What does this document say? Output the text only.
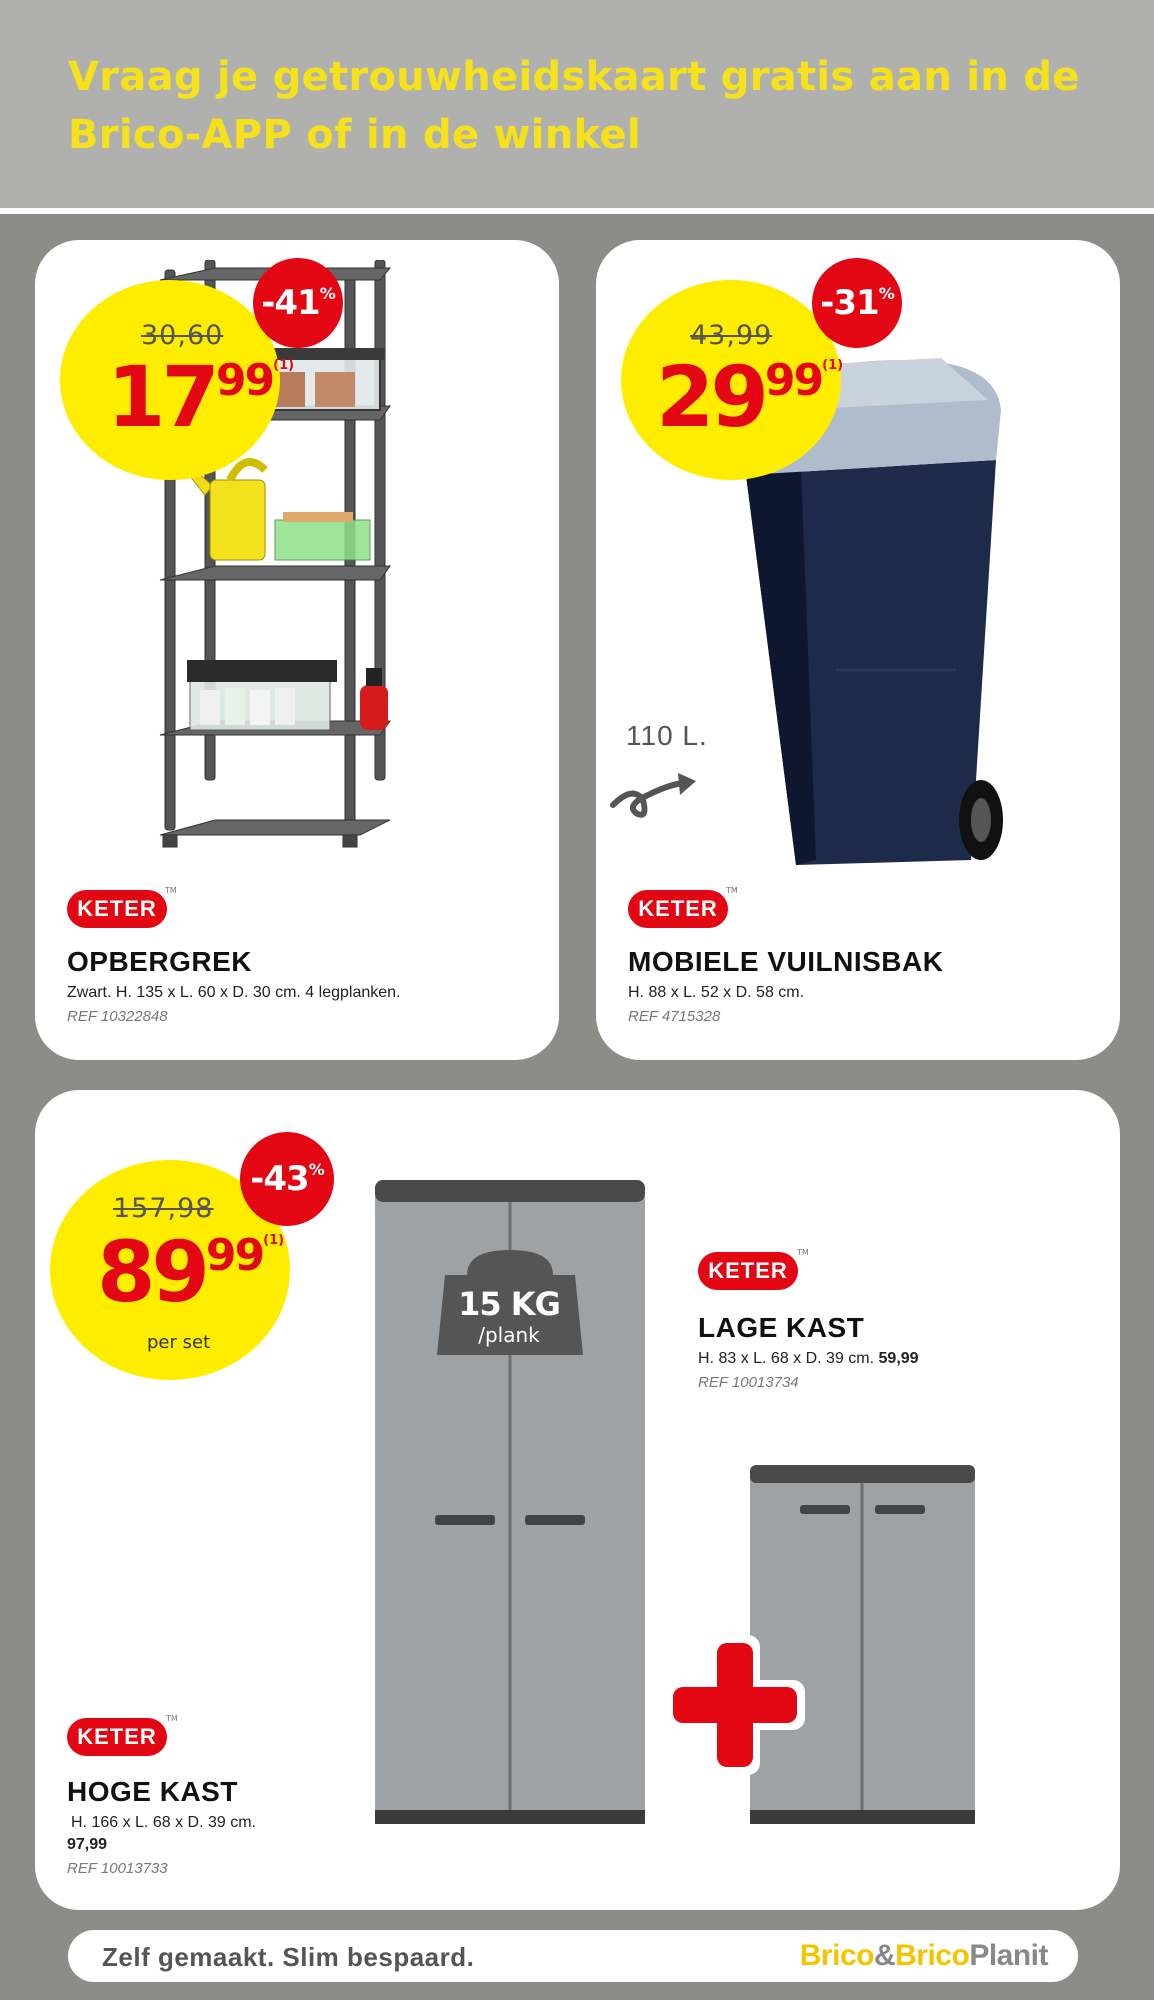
Vraag je getrouwheidskaart gratis aan in de
Brico-APP of in de winkel
30,60
17$^{99(1)}$
-41%
KETER
TM
OPBERGREK
Zwart. H. 135 x L. 60 x D. 30 cm. 4 legplanken.
REF 10322848
110 L.
43,99
29$^{99(1)}$
-31%
KETER
TM
MOBIELE VUILNISBAK
H. 88 x L. 52 x D. 58 cm.
REF 4715328
15 KG
/plank
157,98
89$^{99(1)}$
per set
-43%
KETER
TM
LAGE KAST
H. 83 x L. 68 x D. 39 cm. 59,99
REF 10013734
KETER
TM
HOGE KAST
H. 166 x L. 68 x D. 39 cm.
97,99
REF 10013733
Zelf gemaakt. Slim bespaard.	Brico&BricoPlanit
